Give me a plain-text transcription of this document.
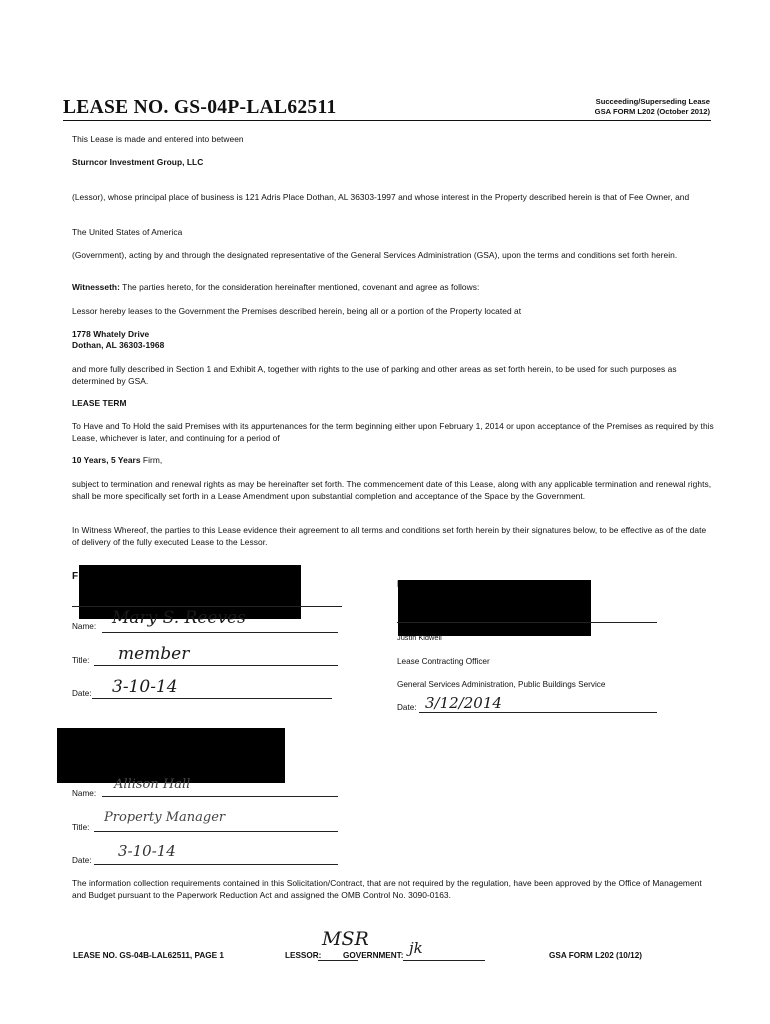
LEASE NO. GS-04P-LAL62511	Succeeding/Superseding Lease
GSA FORM L202 (October 2012)
This Lease is made and entered into between
Sturncor Investment Group, LLC
(Lessor), whose principal place of business is 121 Adris Place Dothan, AL 36303-1997 and whose interest in the Property described herein is that of Fee Owner, and
The United States of America
(Government), acting by and through the designated representative of the General Services Administration (GSA), upon the terms and conditions set forth herein.
Witnesseth: The parties hereto, for the consideration hereinafter mentioned, covenant and agree as follows:
Lessor hereby leases to the Government the Premises described herein, being all or a portion of the Property located at
1778 Whately Drive
Dothan, AL 36303-1968
and more fully described in Section 1 and Exhibit A, together with rights to the use of parking and other areas as set forth herein, to be used for such purposes as determined by GSA.
LEASE TERM
To Have and To Hold the said Premises with its appurtenances for the term beginning either upon February 1, 2014 or upon acceptance of the Premises as required by this Lease, whichever is later, and continuing for a period of
10 Years, 5 Years Firm,
subject to termination and renewal rights as may be hereinafter set forth. The commencement date of this Lease, along with any applicable termination and renewal rights, shall be more specifically set forth in a Lease Amendment upon substantial completion and acceptance of the Space by the Government.
In Witness Whereof, the parties to this Lease evidence their agreement to all terms and conditions set forth herein by their signatures below, to be effective as of the date of delivery of the fully executed Lease to the Lessor.
F
Name: Mary S. Reeves
Title: member
Date: 3-10-14
Justin Kidwell
Lease Contracting Officer
General Services Administration, Public Buildings Service
Date: 3/12/2014
Name:
Allison Hall
Title:
Property Manager
Date:
3-10-14
The information collection requirements contained in this Solicitation/Contract, that are not required by the regulation, have been approved by the Office of Management and Budget pursuant to the Paperwork Reduction Act and assigned the OMB Control No. 3090-0163.
LEASE NO. GS-04B-LAL62511, PAGE 1	LESSOR:
MSR
GOVERNMENT: jk	GSA FORM L202 (10/12)
